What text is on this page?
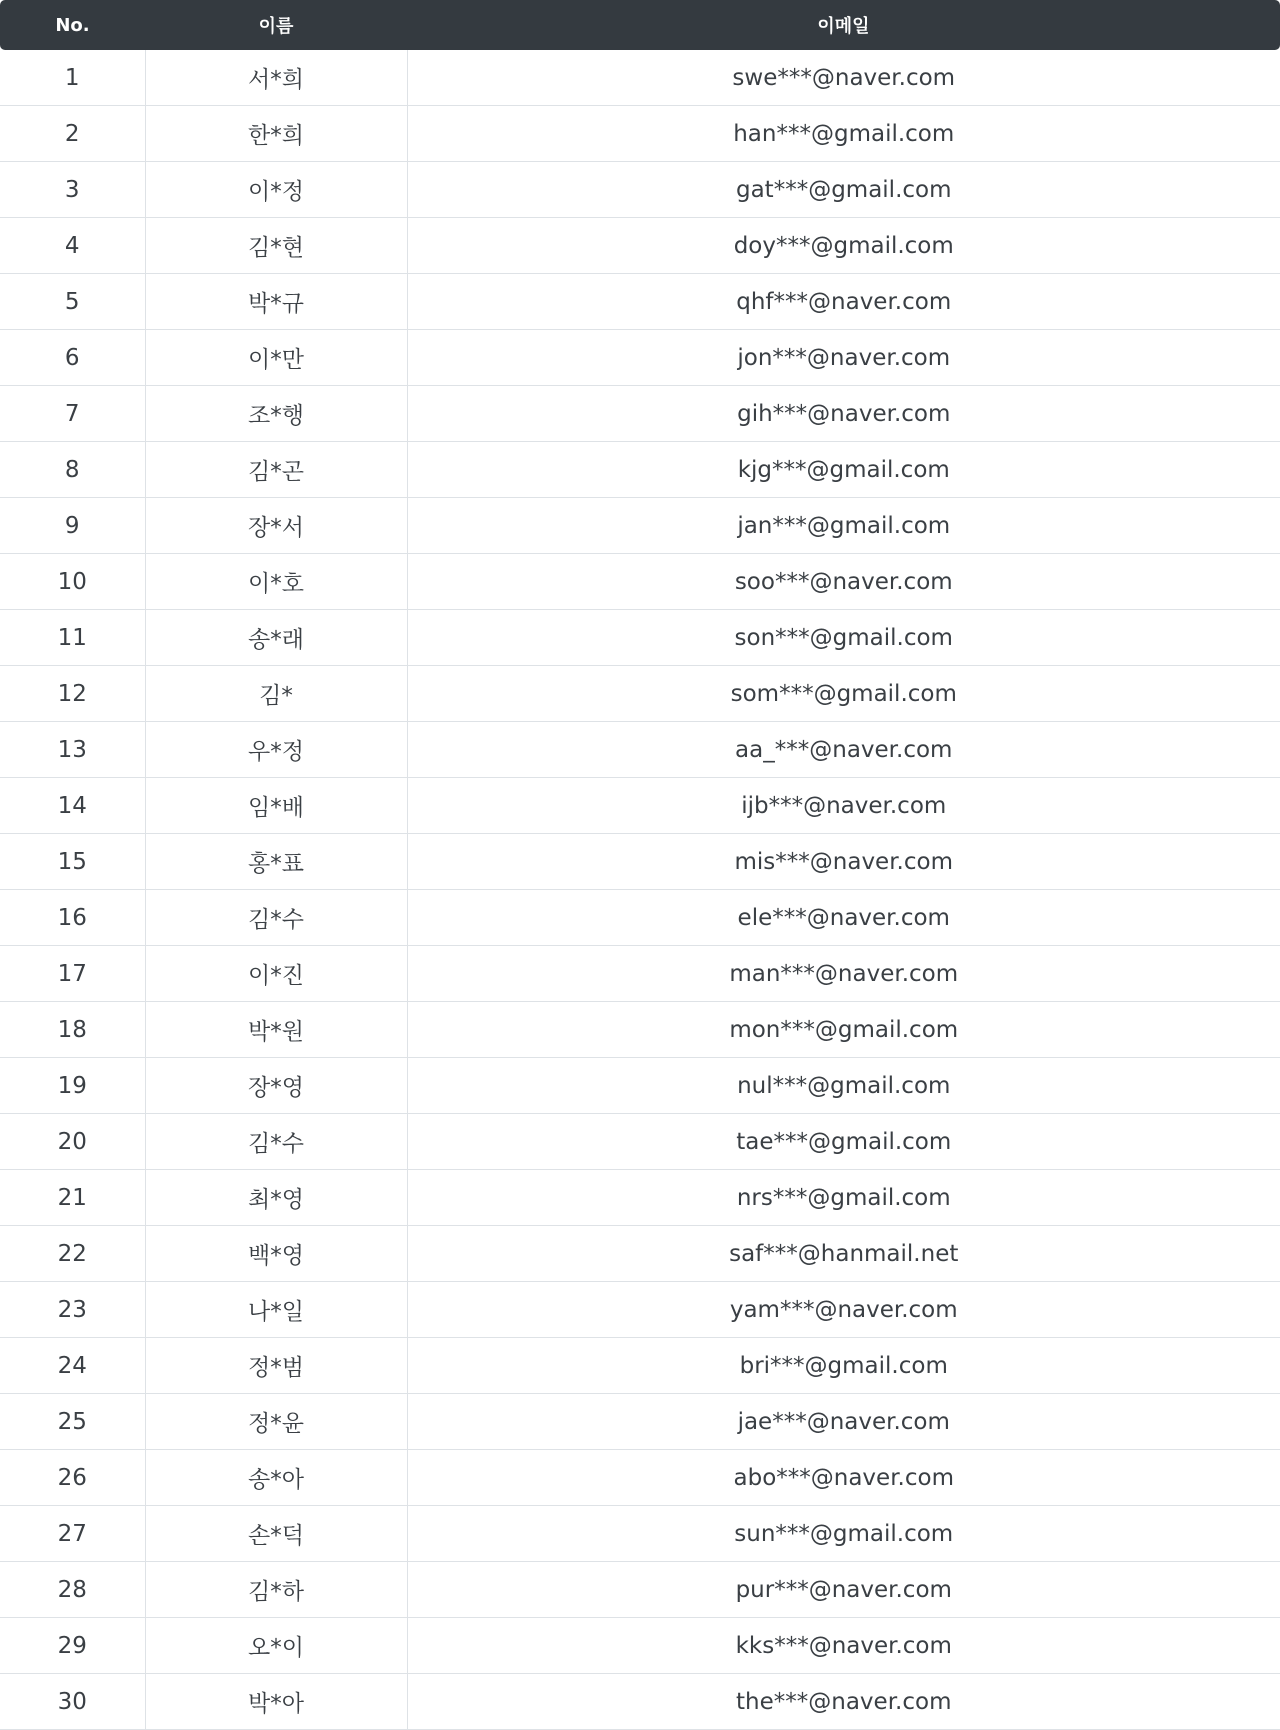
No.	이름	이메일
1	서*희	swe***@naver.com
2	한*희	han***@gmail.com
3	이*정	gat***@gmail.com
4	김*현	doy***@gmail.com
5	박*규	qhf***@naver.com
6	이*만	jon***@naver.com
7	조*행	gih***@naver.com
8	김*곤	kjg***@gmail.com
9	장*서	jan***@gmail.com
10	이*호	soo***@naver.com
11	송*래	son***@gmail.com
12	김*	som***@gmail.com
13	우*정	aa_***@naver.com
14	임*배	ijb***@naver.com
15	홍*표	mis***@naver.com
16	김*수	ele***@naver.com
17	이*진	man***@naver.com
18	박*원	mon***@gmail.com
19	장*영	nul***@gmail.com
20	김*수	tae***@gmail.com
21	최*영	nrs***@gmail.com
22	백*영	saf***@hanmail.net
23	나*일	yam***@naver.com
24	정*범	bri***@gmail.com
25	정*윤	jae***@naver.com
26	송*아	abo***@naver.com
27	손*덕	sun***@gmail.com
28	김*하	pur***@naver.com
29	오*이	kks***@naver.com
30	박*아	the***@naver.com
